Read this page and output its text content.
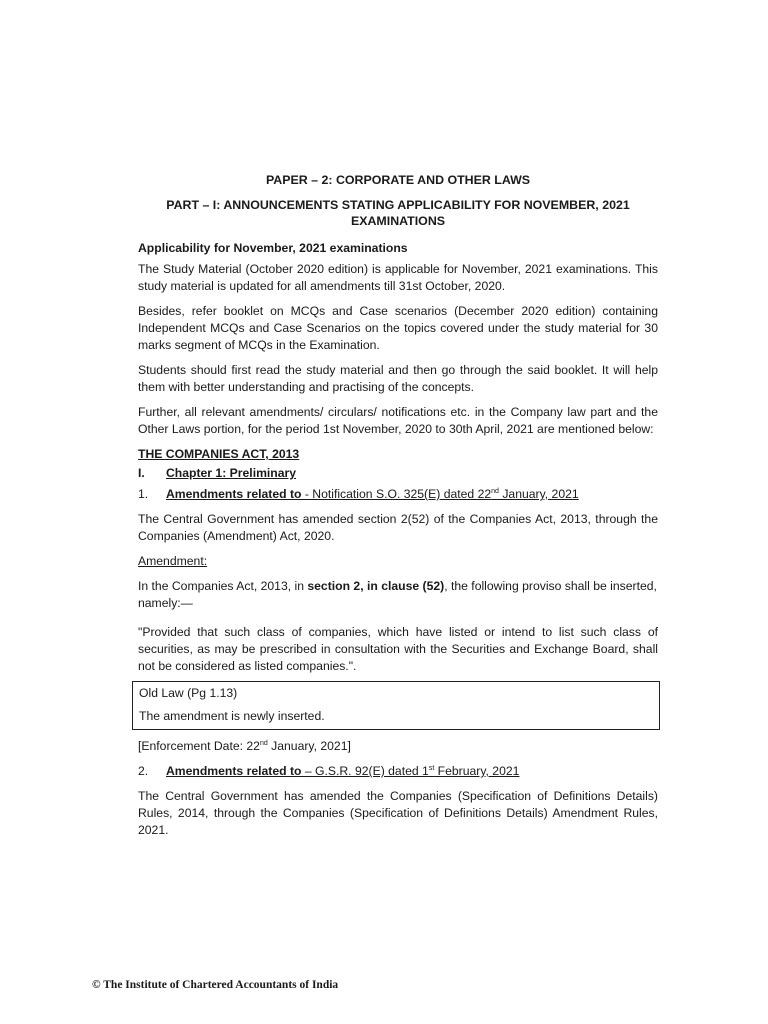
PAPER – 2: CORPORATE AND OTHER LAWS
PART – I: ANNOUNCEMENTS STATING APPLICABILITY FOR NOVEMBER, 2021 EXAMINATIONS
Applicability for November, 2021 examinations

The Study Material (October 2020 edition) is applicable for November, 2021 examinations. This study material is updated for all amendments till 31st October, 2020.

Besides, refer booklet on MCQs and Case scenarios (December 2020 edition) containing Independent MCQs and Case Scenarios on the topics covered under the study material for 30 marks segment of MCQs in the Examination.

Students should first read the study material and then go through the said booklet. It will help them with better understanding and practising of the concepts.

Further, all relevant amendments/ circulars/ notifications etc. in the Company law part and the Other Laws portion, for the period 1st November, 2020 to 30th April, 2021 are mentioned below:

THE COMPANIES ACT, 2013
I. Chapter 1: Preliminary

1. Amendments related to - Notification S.O. 325(E) dated 22nd January, 2021

The Central Government has amended section 2(52) of the Companies Act, 2013, through the Companies (Amendment) Act, 2020.

Amendment:

In the Companies Act, 2013, in section 2, in clause (52), the following proviso shall be inserted, namely:—

"Provided that such class of companies, which have listed or intend to list such class of securities, as may be prescribed in consultation with the Securities and Exchange Board, shall not be considered as listed companies.".

Old Law (Pg 1.13)
The amendment is newly inserted.

[Enforcement Date: 22nd January, 2021]

2. Amendments related to – G.S.R. 92(E) dated 1st February, 2021

The Central Government has amended the Companies (Specification of Definitions Details) Rules, 2014, through the Companies (Specification of Definitions Details) Amendment Rules, 2021.

© The Institute of Chartered Accountants of India
